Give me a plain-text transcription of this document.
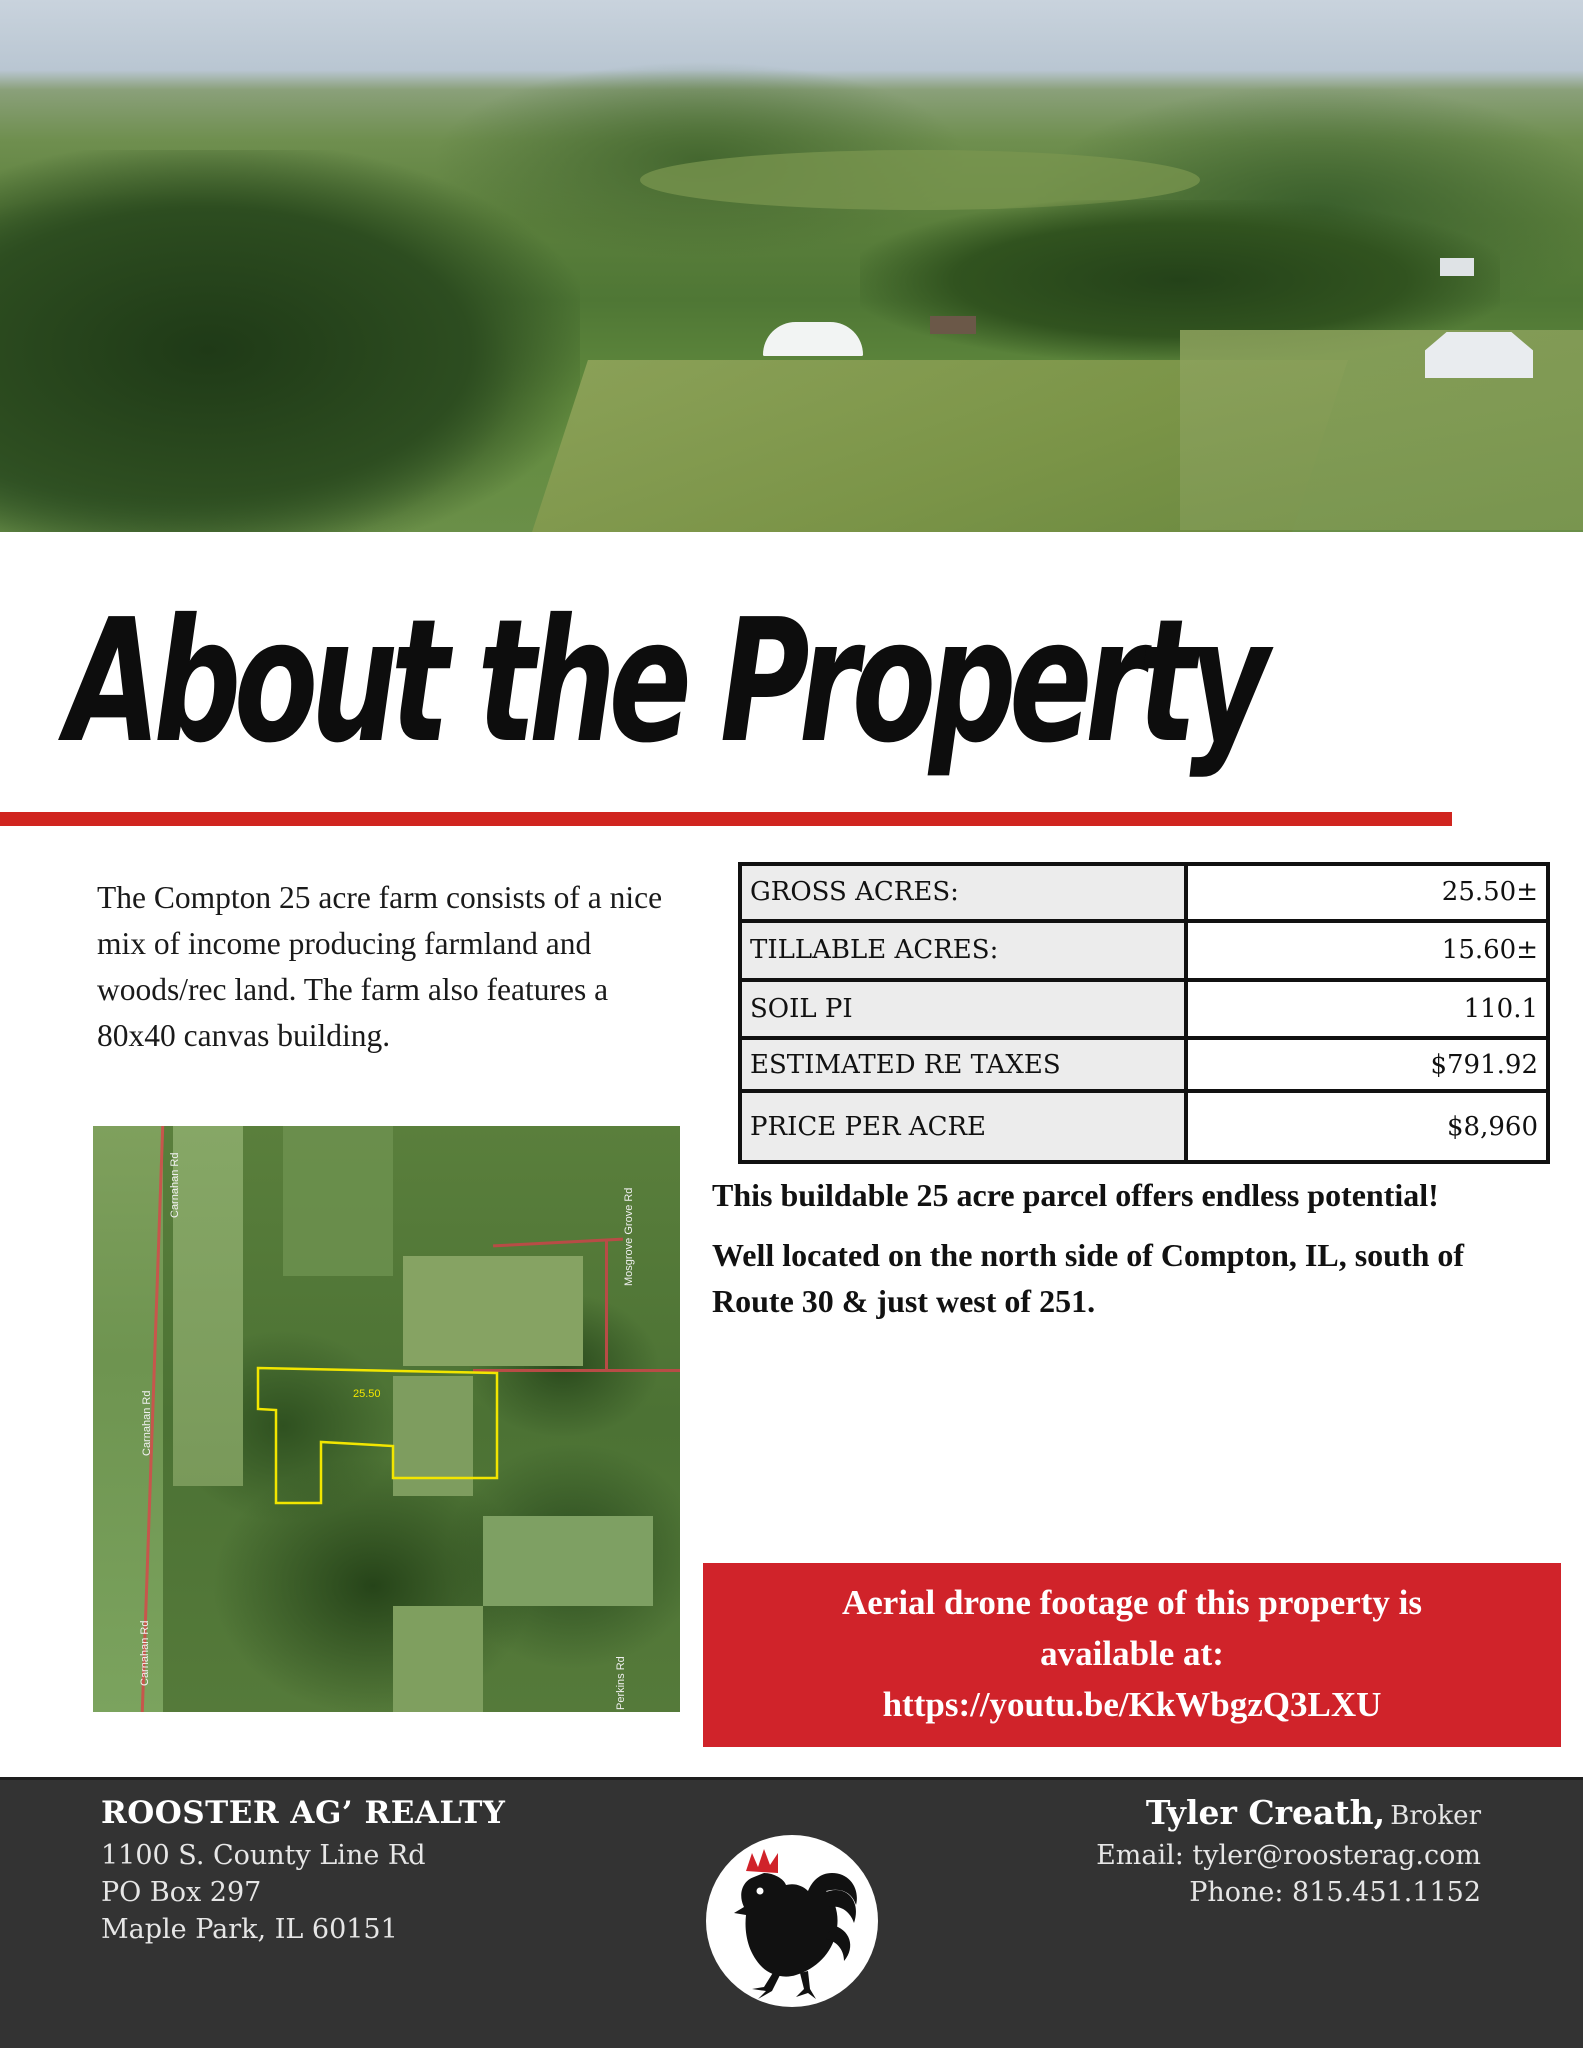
About the Property

The Compton 25 acre farm consists of a nice mix of income producing farmland and woods/rec land. The farm also features a 80x40 canvas building.

GROSS ACRES:	25.50±
TILLABLE ACRES:	15.60±
SOIL PI	110.1
ESTIMATED RE TAXES	$791.92
PRICE PER ACRE	$8,960

This buildable 25 acre parcel offers endless potential!

Well located on the north side of Compton, IL, south of Route 30 & just west of 251.

Carnahan Rd
Carnahan Rd
Carnahan Rd
Mosgrove Grove Rd
Perkins Rd
25.50
Aerial drone footage of this property is
available at:
https://youtu.be/KkWbgzQ3LXU
ROOSTER AG’ REALTY
1100 S. County Line Rd
PO Box 297
Maple Park, IL 60151
Tyler Creath, Broker
Email: tyler@roosterag.com
Phone: 815.451.1152
